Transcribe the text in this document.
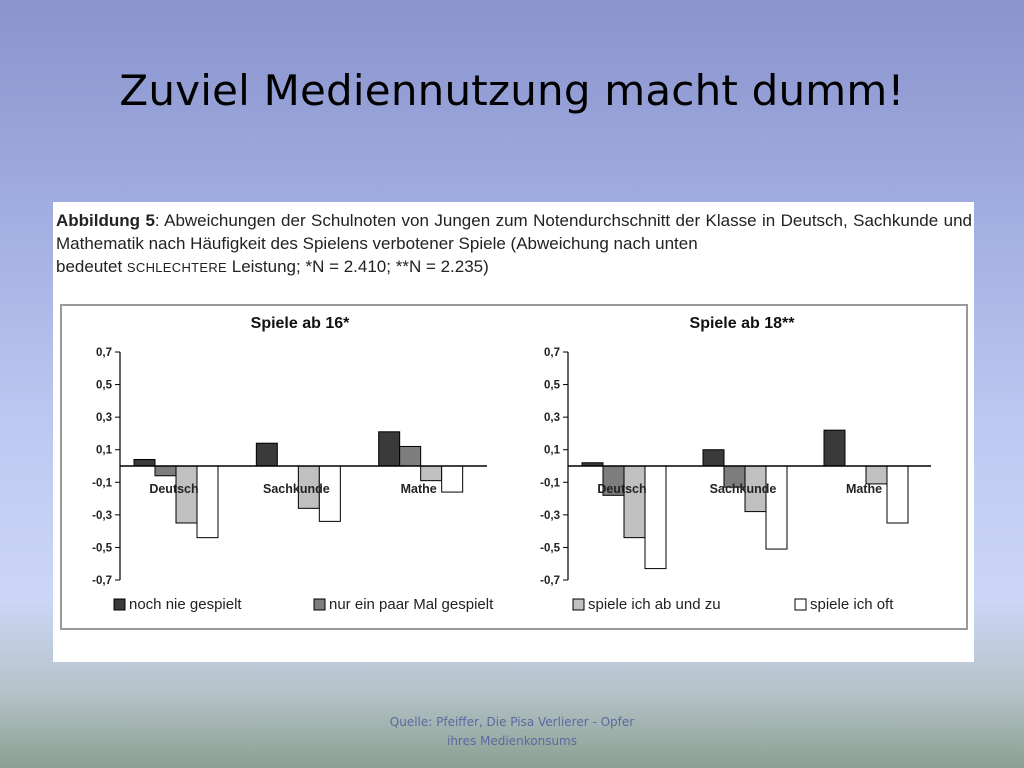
Zuviel Mediennutzung macht dumm!
Abbildung 5: Abweichungen der Schulnoten von Jungen zum Notendurchschnitt der Klasse in Deutsch, Sachkunde und Mathematik nach Häufigkeit des Spielens verbotener Spiele (Abweichung nach unten
bedeutet SCHLECHTERE Leistung; *N = 2.410; **N = 2.235)
Spiele ab 16*
0,7
0,5
0,3
0,1
-0,1
-0,3
-0,5
-0,7
Deutsch	Sachkunde	Mathe
Spiele ab 18**
0,7
0,5
0,3
0,1
-0,1
-0,3
-0,5
-0,7
Deutsch	Sachkunde	Mathe
noch nie gespielt	nur ein paar Mal gespielt	spiele ich ab und zu	spiele ich oft
Quelle: Pfeiffer, Die Pisa Verlierer - Opfer
ihres Medienkonsums
